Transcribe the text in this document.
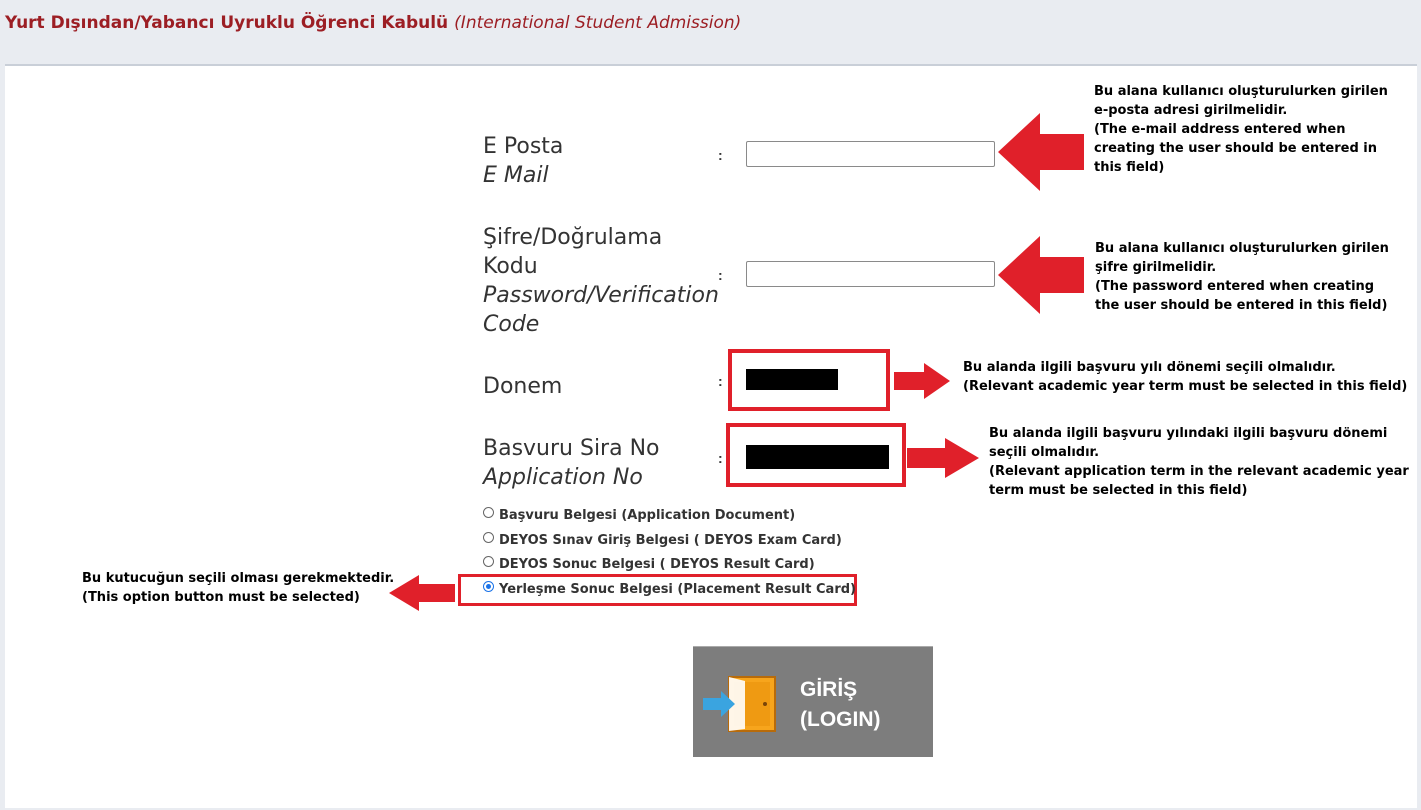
Yurt Dışından/Yabancı Uyruklu Öğrenci Kabulü (International Student Admission)
E Posta
E Mail
:
Şifre/Doğrulama Kodu
Password/Verification Code
:
Donem	:
Basvuru Sira No
Application No
:
Başvuru Belgesi (Application Document)
DEYOS Sınav Giriş Belgesi ( DEYOS Exam Card)
DEYOS Sonuc Belgesi ( DEYOS Result Card)
Yerleşme Sonuc Belgesi (Placement Result Card)
Bu alana kullanıcı oluşturulurken girilen
e-posta adresi girilmelidir.
(The e-mail address entered when
creating the user should be entered in
this field)
Bu alana kullanıcı oluşturulurken girilen
şifre girilmelidir.
(The password entered when creating
the user should be entered in this field)
Bu alanda ilgili başvuru yılı dönemi seçili olmalıdır.
(Relevant academic year term must be selected in this field)
Bu alanda ilgili başvuru yılındaki ilgili başvuru dönemi
seçili olmalıdır.
(Relevant application term in the relevant academic year
term must be selected in this field)
Bu kutucuğun seçili olması gerekmektedir.
(This option button must be selected)
GİRİŞ
(LOGIN)
